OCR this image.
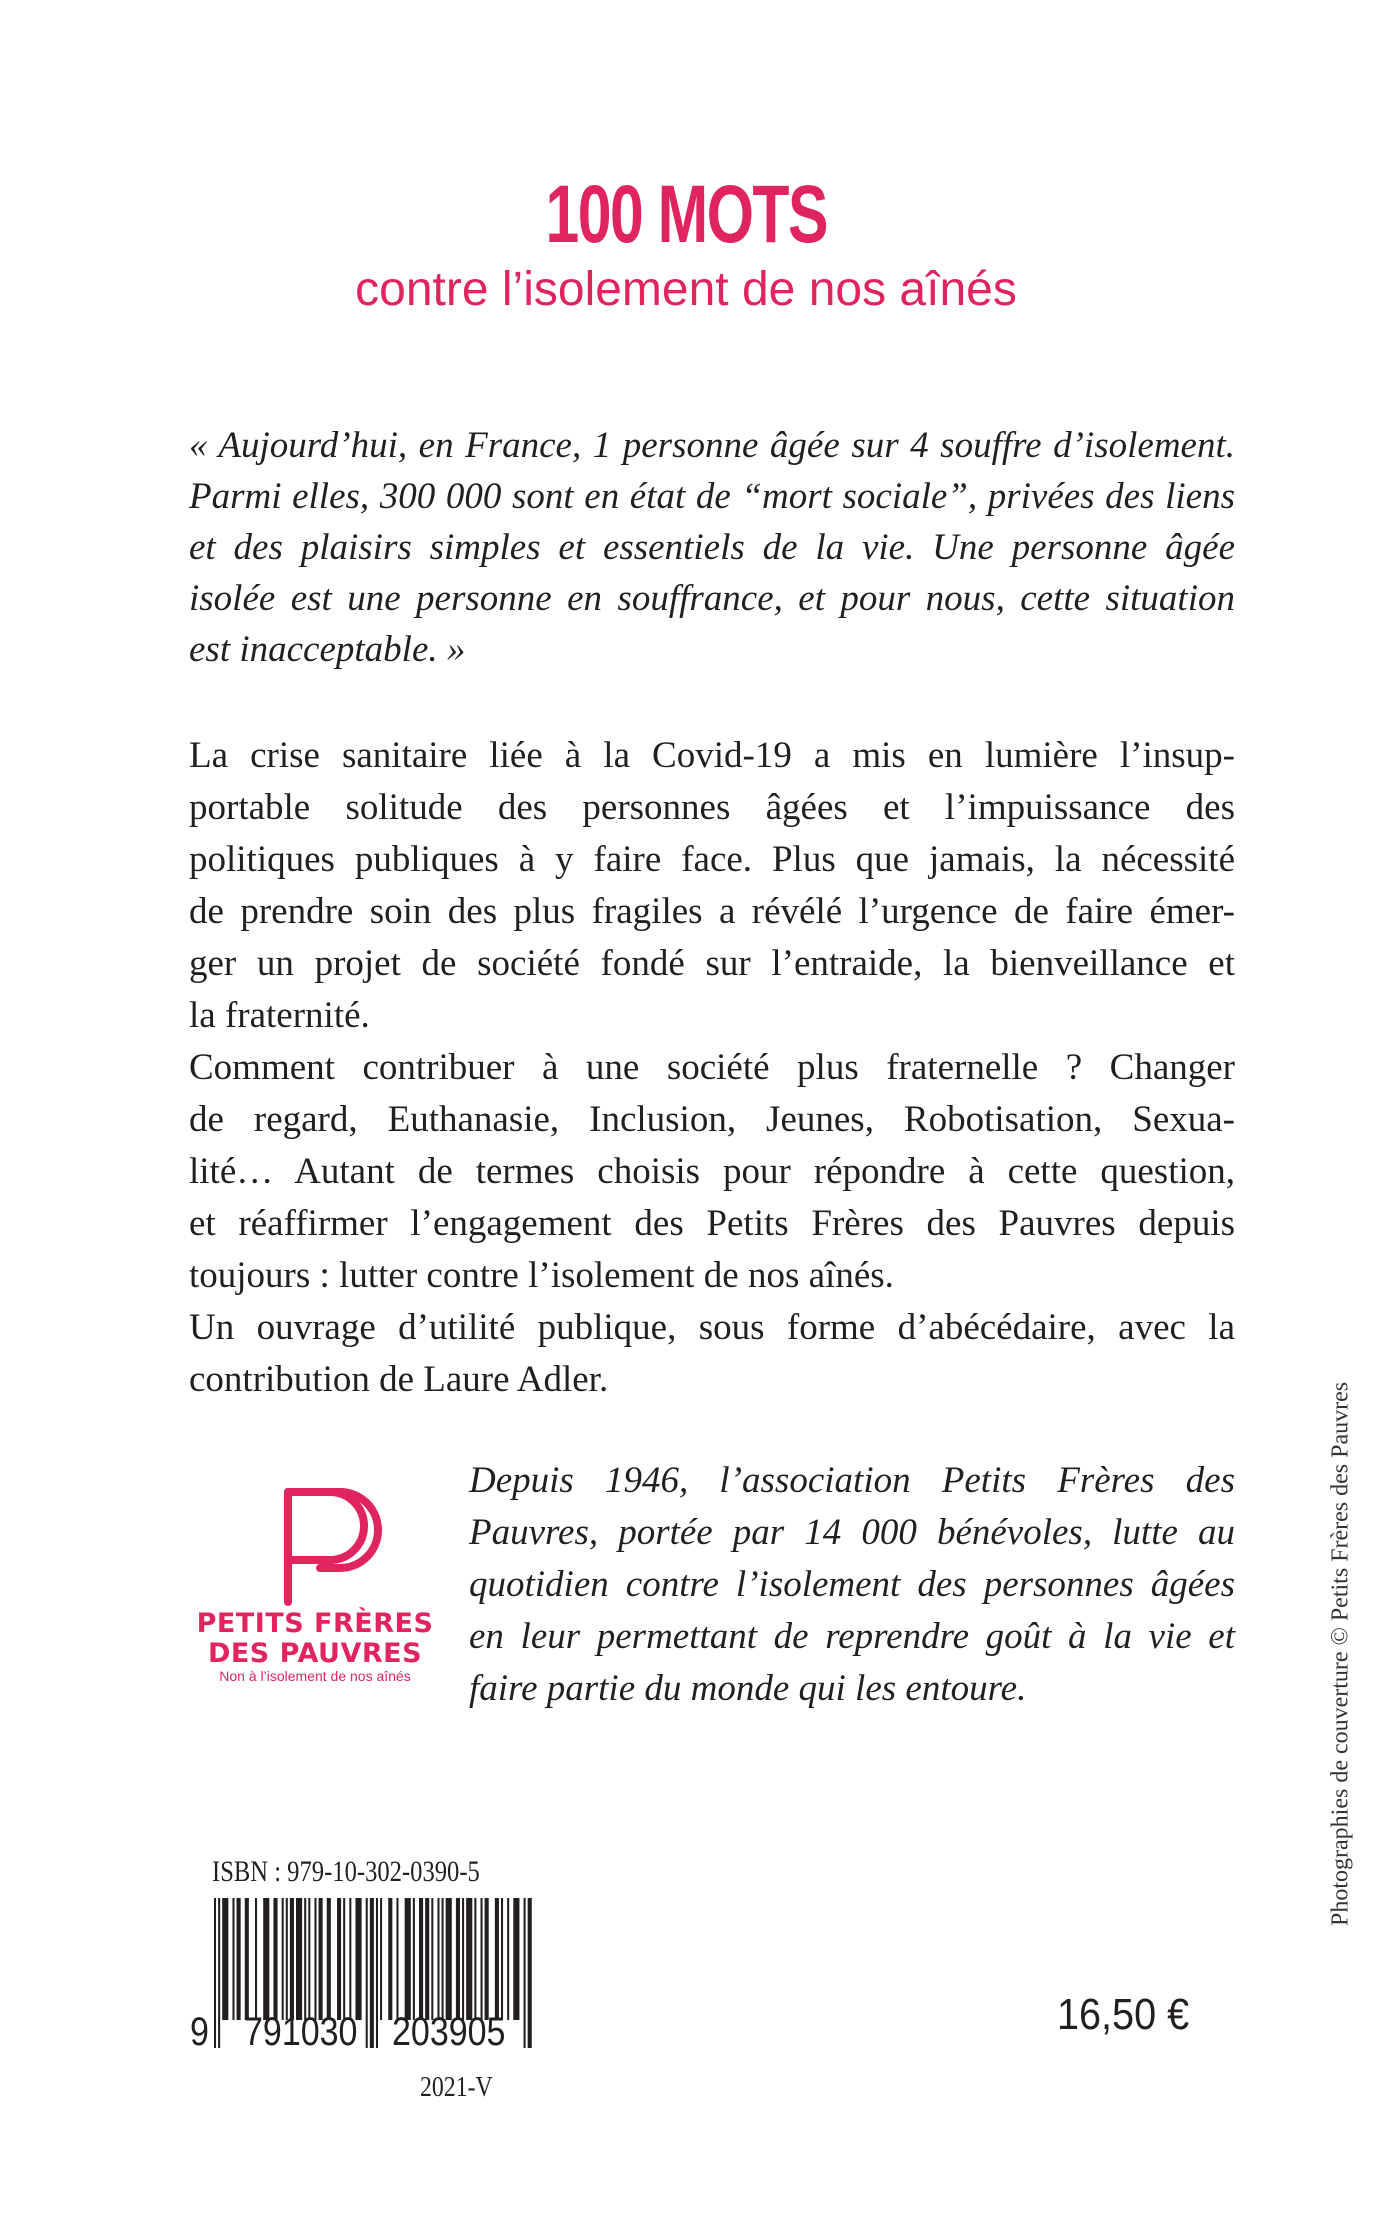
100 MOTS
contre l’isolement de nos aînés
« Aujourd’hui, en France, 1 personne âgée sur 4 souffre d’isolement.
Parmi elles, 300 000 sont en état de “mort sociale”, privées des liens
et des plaisirs simples et essentiels de la vie. Une personne âgée
isolée est une personne en souffrance, et pour nous, cette situation
est inacceptable. »
La crise sanitaire liée à la Covid-19 a mis en lumière l’insup-
portable solitude des personnes âgées et l’impuissance des
politiques publiques à y faire face. Plus que jamais, la nécessité
de prendre soin des plus fragiles a révélé l’urgence de faire émer-
ger un projet de société fondé sur l’entraide, la bienveillance et
la fraternité.
Comment contribuer à une société plus fraternelle ? Changer
de regard, Euthanasie, Inclusion, Jeunes, Robotisation, Sexua-
lité… Autant de termes choisis pour répondre à cette question,
et réaffirmer l’engagement des Petits Frères des Pauvres depuis
toujours : lutter contre l’isolement de nos aînés.
Un ouvrage d’utilité publique, sous forme d’abécédaire, avec la
contribution de Laure Adler.
PETITS FRÈRES
DES PAUVRES
Non à l’isolement de nos aînés
Depuis 1946, l’association Petits Frères des
Pauvres, portée par 14 000 bénévoles, lutte au
quotidien contre l’isolement des personnes âgées
en leur permettant de reprendre goût à la vie et
faire partie du monde qui les entoure.	Photographies de couverture © Petits Frères des Pauvres
ISBN : 979-10-302-0390-5
9 791030 203905
2021-V
16,50 €
